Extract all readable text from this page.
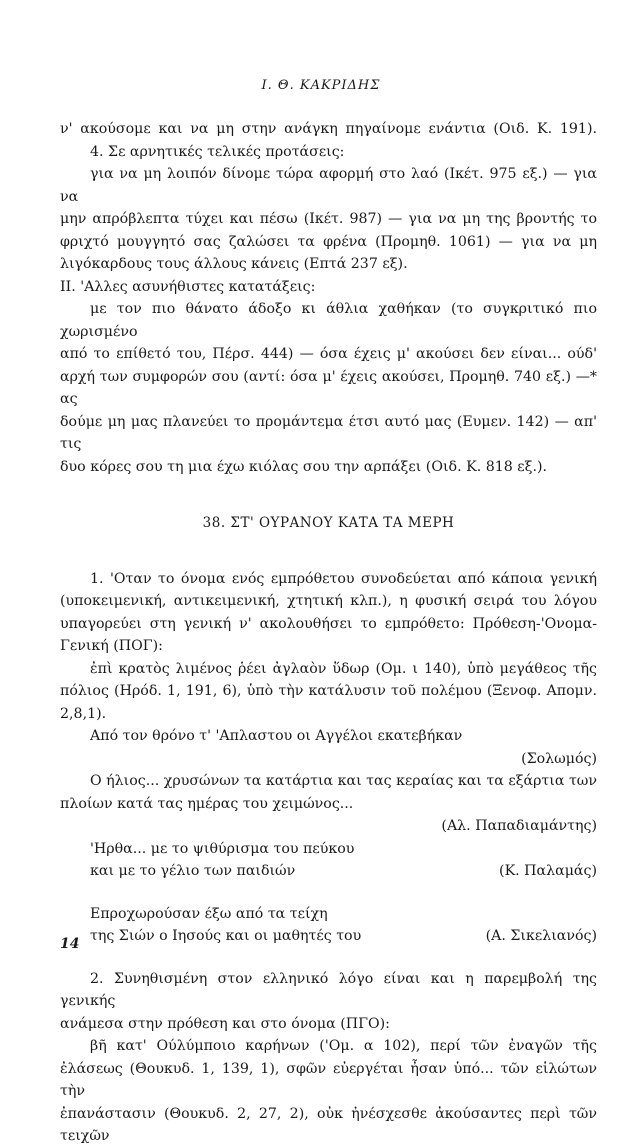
Ι. Θ. ΚΑΚΡΙΔΗΣ

ν' ακούσομε και να μη στην ανάγκη πηγαίνομε ενάντια (Οιδ. Κ. 191).

4. Σε αρνητικές τελικές προτάσεις:

για να μη λοιπόν δίνομε τώρα αφορμή στο λαό (Ικέτ. 975 εξ.) — για να

μην απρόβλεπτα τύχει και πέσω (Ικέτ. 987) — για να μη της βροντής το

φριχτό μουγγητό σας ζαλώσει τα φρένα (Προμηθ. 1061) — για να μη

λιγόκαρδους τους άλλους κάνεις (Επτά 237 εξ).

ΙΙ. 'Αλλες ασυνήθιστες κατατάξεις:

με τον πιο θάνατο άδοξο κι άθλια χαθήκαν (το συγκριτικό πιο χωρισμένο

από το επίθετό του, Πέρσ. 444) — όσα έχεις μ' ακούσει δεν είναι... ούδ'

αρχή των συμφορών σου (αντί: όσα μ' έχεις ακούσει, Προμηθ. 740 εξ.) —* ας

δούμε μη μας πλανεύει το προμάντεμα έτσι αυτό μας (Ευμεν. 142) — απ' τις

δυο κόρες σου τη μια έχω κιόλας σου την αρπάξει (Οιδ. Κ. 818 εξ.).

38. ΣΤ' ΟΥΡΑΝΟΥ ΚΑΤΑ ΤΑ ΜΕΡΗ

1. 'Οταν το όνομα ενός εμπρόθετου συνοδεύεται από κάποια γενική

(υποκειμενική, αντικειμενική, χτητική κλπ.), η φυσική σειρά του λόγου

υπαγορεύει στη γενική ν' ακολουθήσει το εμπρόθετο: Πρόθεση-'Ονομα-

Γενική (ΠΟΓ):

ἐπὶ κρατὸς λιμένος ῥέει ἀγλαὸν ὕδωρ (Ομ. ι 140), ὑπὸ μεγάθεος τῆς

πόλιος (Ηρόδ. 1, 191, 6), ὑπὸ τὴν κατάλυσιν τοῦ πολέμου (Ξενοφ. Απομν.

2,8,1).

Από τον θρόνο τ' 'Απλαστου οι Αγγέλοι εκατεβήκαν

(Σολωμός)

Ο ήλιος... χρυσώνων τα κατάρτια και τας κεραίας και τα εξάρτια των

πλοίων κατά τας ημέρας του χειμώνος...

(Αλ. Παπαδιαμάντης)

'Ηρθα... με το ψιθύρισμα του πεύκου

και με το γέλιο των παιδιών	(Κ. Παλαμάς)

Επροχωρούσαν έξω από τα τείχη

της Σιών ο Ιησούς και οι μαθητές του	(Α. Σικελιανός)

2. Συνηθισμένη στον ελληνικό λόγο είναι και η παρεμβολή της γενικής

ανάμεσα στην πρόθεση και στο όνομα (ΠΓΟ):

βῆ κατ' Ούλύμποιο καρήνων ('Ομ. α 102), περί τῶν ἐναγῶν τῆς

ἐλάσεως (Θουκυδ. 1, 139, 1), σφῶν εὐεργέται ἦσαν ὑπό... τῶν εἱλώτων τὴν

ἐπανάστασιν (Θουκυδ. 2, 27, 2), οὐκ ἠνέσχεσθε ἀκούσαντες περὶ τῶν τειχῶν

14
